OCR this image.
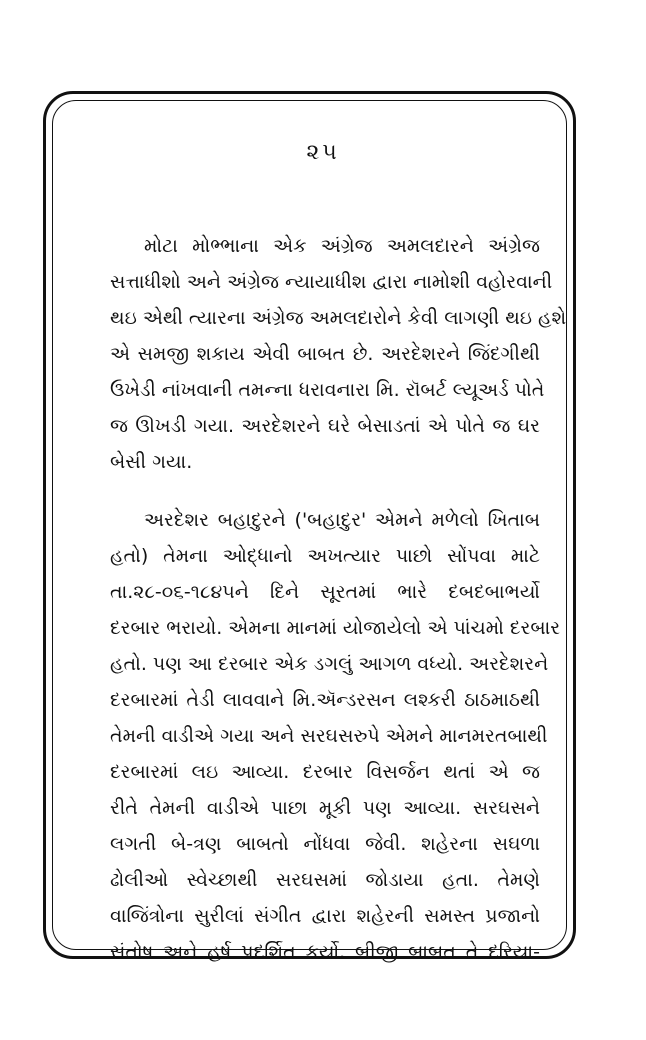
૨૫

મોટા મોભ્ભાના એક અંગ્રેજ અમલદારને અંગ્રેજ
સત્તાધીશો અને અંગ્રેજ ન્યાયાધીશ દ્વારા નામોશી વહોરવાની
થઇ એથી ત્યારના અંગ્રેજ અમલદારોને કેવી લાગણી થઇ હશે
એ સમજી શકાય એવી બાબત છે. અરદેશરને જિંદગીથી
ઉખેડી નાંખવાની તમન્ના ધરાવનારા મિ. રૉબર્ટ લ્યૂઅર્ડ પોતે
જ ઊખડી ગયા. અરદેશરને ઘરે બેસાડતાં એ પોતે જ ઘર
બેસી ગયા.

અરદેશર બહાદુરને ('બહાદુર' એમને મળેલો ખિતાબ
હતો) તેમના ઓદ્ધાનો અખત્યાર પાછો સોંપવા માટે
તા.૨૮-૦૬-૧૮૪૫ને દિને સૂરતમાં ભારે દબદબાભર્યો
દરબાર ભરાયો. એમના માનમાં યોજાયેલો એ પાંચમો દરબાર
હતો. પણ આ દરબાર એક ડગલું આગળ વધ્યો. અરદેશરને
દરબારમાં તેડી લાવવાને મિ.ઍન્ડરસન લશ્કરી ઠાઠમાઠથી
તેમની વાડીએ ગયા અને સરઘસરુપે એમને માનમરતબાથી
દરબારમાં લઇ આવ્યા. દરબાર વિસર્જન થતાં એ જ
રીતે તેમની વાડીએ પાછા મૂકી પણ આવ્યા. સરઘસને
લગતી બે-ત્રણ બાબતો નોંધવા જેવી. શહેરના સઘળા
ઢોલીઓ સ્વેચ્છાથી સરઘસમાં જોડાયા હતા. તેમણે
વાજિંત્રોના સુરીલાં સંગીત દ્વારા શહેરની સમસ્ત પ્રજાનો
સંતોષ અને હર્ષ પ્રદર્શિત કર્યો. બીજી બાબત તે દરિયા-
